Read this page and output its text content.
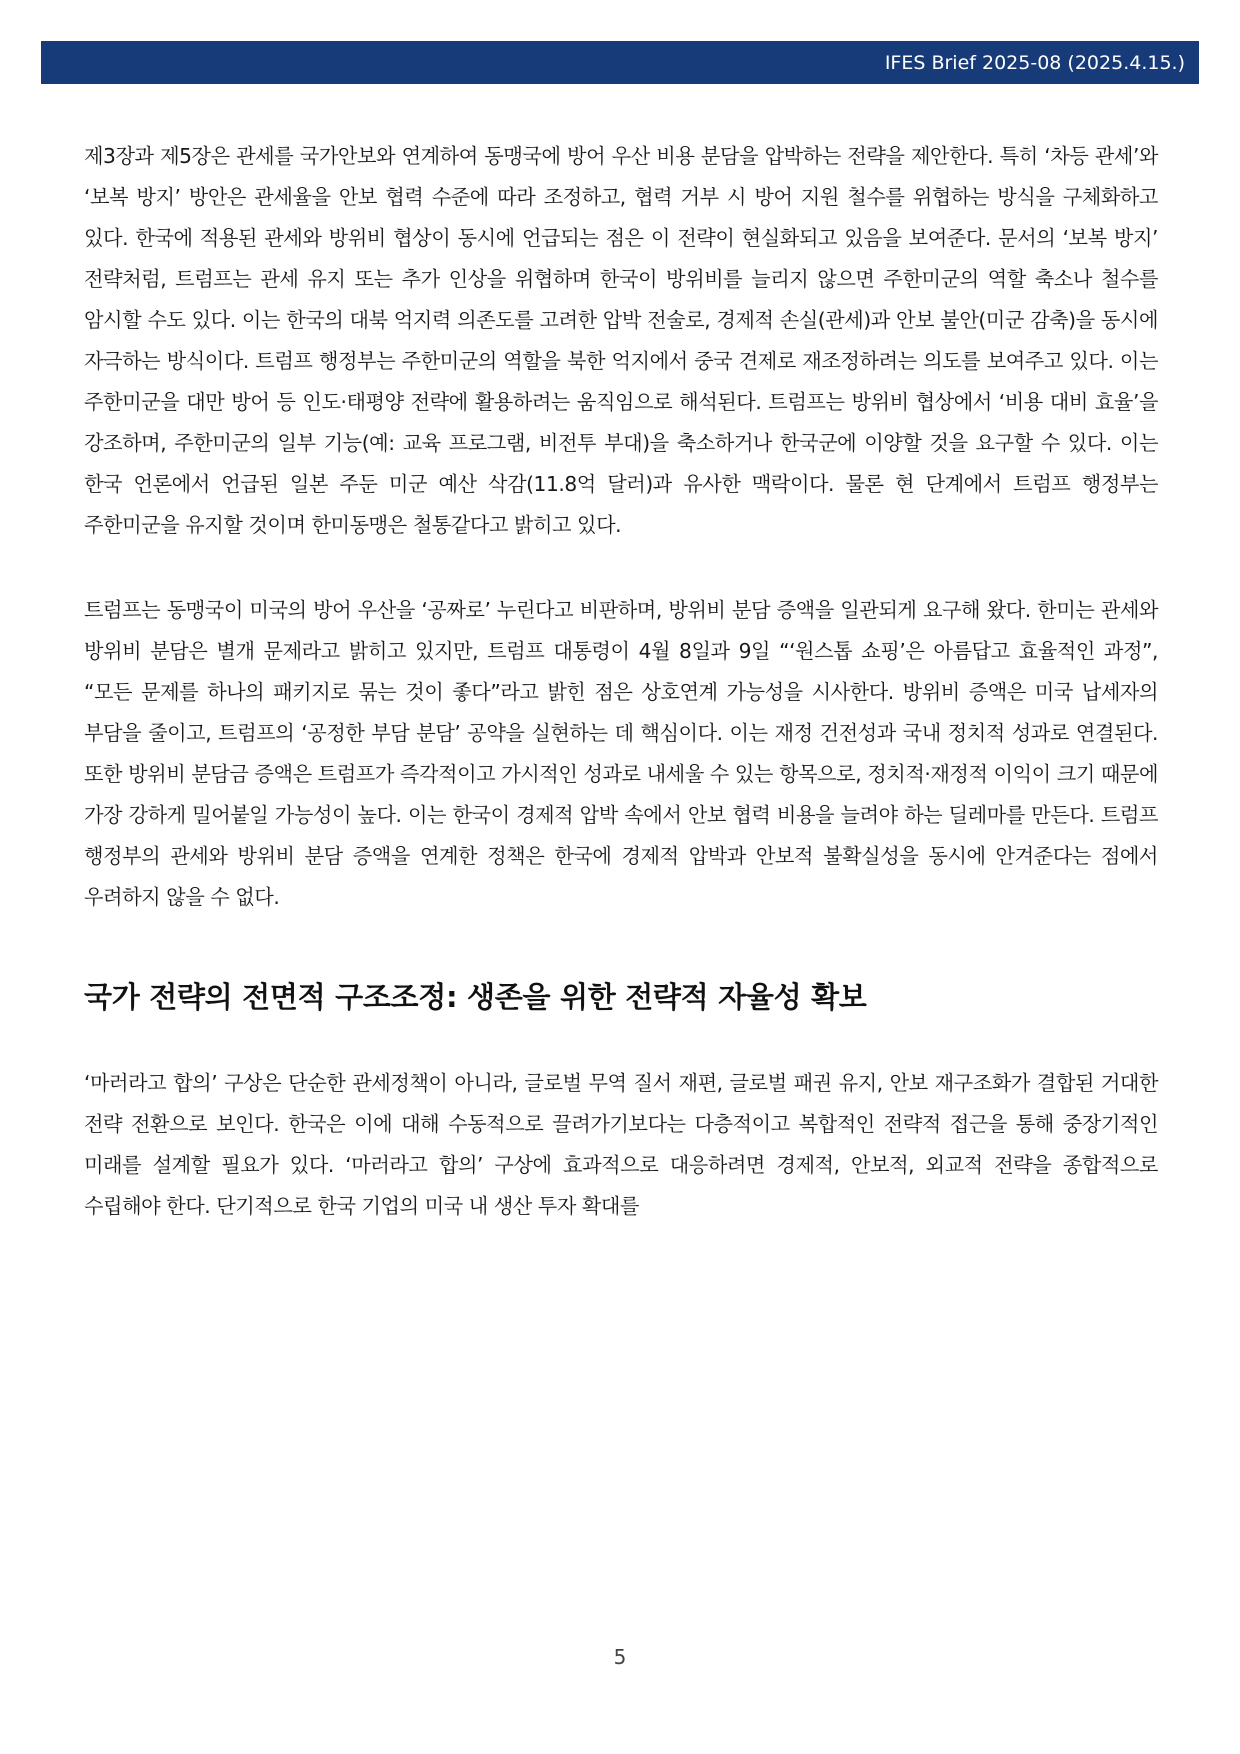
IFES Brief 2025-08 (2025.4.15.)

제3장과 제5장은 관세를 국가안보와 연계하여 동맹국에 방어 우산 비용 분담을 압박하는 전략을 제안한다. 특히 ‘차등 관세’와 ‘보복 방지’ 방안은 관세율을 안보 협력 수준에 따라 조정하고, 협력 거부 시 방어 지원 철수를 위협하는 방식을 구체화하고 있다. 한국에 적용된 관세와 방위비 협상이 동시에 언급되는 점은 이 전략이 현실화되고 있음을 보여준다. 문서의 ‘보복 방지’ 전략처럼, 트럼프는 관세 유지 또는 추가 인상을 위협하며 한국이 방위비를 늘리지 않으면 주한미군의 역할 축소나 철수를 암시할 수도 있다. 이는 한국의 대북 억지력 의존도를 고려한 압박 전술로, 경제적 손실(관세)과 안보 불안(미군 감축)을 동시에 자극하는 방식이다. 트럼프 행정부는 주한미군의 역할을 북한 억지에서 중국 견제로 재조정하려는 의도를 보여주고 있다. 이는 주한미군을 대만 방어 등 인도·태평양 전략에 활용하려는 움직임으로 해석된다. 트럼프는 방위비 협상에서 ‘비용 대비 효율’을 강조하며, 주한미군의 일부 기능(예: 교육 프로그램, 비전투 부대)을 축소하거나 한국군에 이양할 것을 요구할 수 있다. 이는 한국 언론에서 언급된 일본 주둔 미군 예산 삭감(11.8억 달러)과 유사한 맥락이다. 물론 현 단계에서 트럼프 행정부는 주한미군을 유지할 것이며 한미동맹은 철통같다고 밝히고 있다.

트럼프는 동맹국이 미국의 방어 우산을 ‘공짜로’ 누린다고 비판하며, 방위비 분담 증액을 일관되게 요구해 왔다. 한미는 관세와 방위비 분담은 별개 문제라고 밝히고 있지만, 트럼프 대통령이 4월 8일과 9일 “‘원스톱 쇼핑’은 아름답고 효율적인 과정”, “모든 문제를 하나의 패키지로 묶는 것이 좋다”라고 밝힌 점은 상호연계 가능성을 시사한다. 방위비 증액은 미국 납세자의 부담을 줄이고, 트럼프의 ‘공정한 부담 분담’ 공약을 실현하는 데 핵심이다. 이는 재정 건전성과 국내 정치적 성과로 연결된다. 또한 방위비 분담금 증액은 트럼프가 즉각적이고 가시적인 성과로 내세울 수 있는 항목으로, 정치적·재정적 이익이 크기 때문에 가장 강하게 밀어붙일 가능성이 높다. 이는 한국이 경제적 압박 속에서 안보 협력 비용을 늘려야 하는 딜레마를 만든다. 트럼프 행정부의 관세와 방위비 분담 증액을 연계한 정책은 한국에 경제적 압박과 안보적 불확실성을 동시에 안겨준다는 점에서 우려하지 않을 수 없다.

국가 전략의 전면적 구조조정: 생존을 위한 전략적 자율성 확보

‘마러라고 합의’ 구상은 단순한 관세정책이 아니라, 글로벌 무역 질서 재편, 글로벌 패권 유지, 안보 재구조화가 결합된 거대한 전략 전환으로 보인다. 한국은 이에 대해 수동적으로 끌려가기보다는 다층적이고 복합적인 전략적 접근을 통해 중장기적인 미래를 설계할 필요가 있다. ‘마러라고 합의’ 구상에 효과적으로 대응하려면 경제적, 안보적, 외교적 전략을 종합적으로 수립해야 한다. 단기적으로 한국 기업의 미국 내 생산 투자 확대를

5
